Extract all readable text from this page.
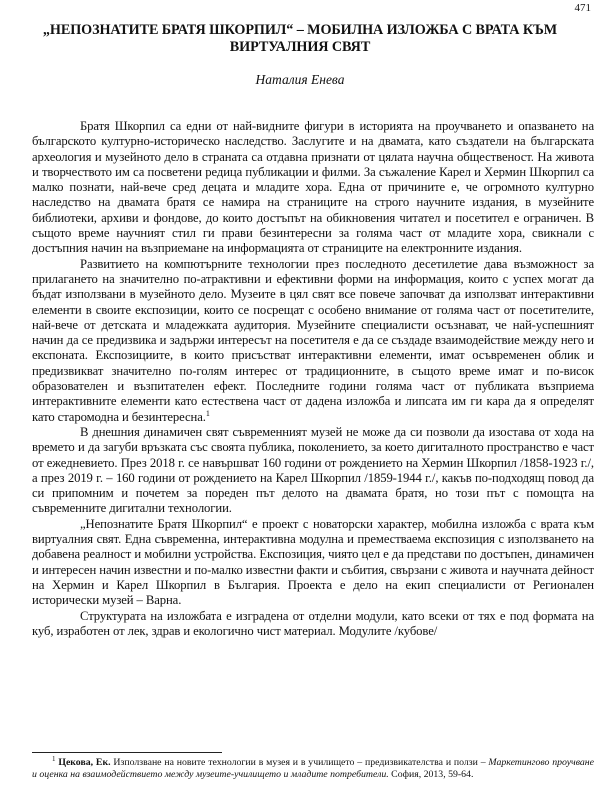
471
„НЕПОЗНАТИТЕ БРАТЯ ШКОРПИЛ“ – МОБИЛНА ИЗЛОЖБА С ВРАТА КЪМ ВИРТУАЛНИЯ СВЯТ
Наталия Енева

Братя Шкорпил са едни от най-видните фигури в историята на проучването и опазването на българското културно-историческо наследство. Заслугите и на двамата, като създатели на българската археология и музейното дело в страната са отдавна признати от цялата научна общественост. На живота и творчеството им са посветени редица публикации и филми. За съжаление Карел и Хермин Шкорпил са малко познати, най-вече сред децата и младите хора. Една от причините е, че огромното културно наследство на двамата братя се намира на страниците на строго научните издания, в музейните библиотеки, архиви и фондове, до които достъпът на обикновения читател и посетител е ограничен. В същото време научният стил ги прави безинтересни за голяма част от младите хора, свикнали с достъпния начин на възприемане на информацията от страниците на електронните издания.

Развитието на компютърните технологии през последното десетилетие дава възможност за прилагането на значително по-атрактивни и ефективни форми на информация, които с успех могат да бъдат използвани в музейното дело. Музеите в цял свят все повече започват да използват интерактивни елементи в своите експозиции, които се посрещат с особено внимание от голяма част от посетителите, най-вече от детската и младежката аудитория. Музейните специалисти осъзнават, че най-успешният начин да се предизвика и задържи интересът на посетителя е да се създаде взаимодействие между него и експоната. Експозициите, в които присъстват интерактивни елементи, имат осъвременен облик и предизвикват значително по-голям интерес от традиционните, в същото време имат и по-висок образователен и възпитателен ефект. Последните години голяма част от публиката възприема интерактивните елементи като естествена част от дадена изложба и липсата им ги кара да я определят като старомодна и безинтересна.$^1$

В днешния динамичен свят съвременният музей не може да си позволи да изостава от хода на времето и да загуби връзката със своята публика, поколението, за което дигиталното пространство е част от ежедневието. През 2018 г. се навършват 160 години от рождението на Хермин Шкорпил /1858-1923 г./, а през 2019 г. – 160 години от рождението на Карел Шкорпил /1859-1944 г./, какъв по-подходящ повод да си припомним и почетем за пореден път делото на двамата братя, но този път с помощта на съвременните дигитални технологии.

„Непознатите Братя Шкорпил“ е проект с новаторски характер, мобилна изложба с врата към виртуалния свят. Една съвременна, интерактивна модулна и преместваема експозиция с използването на добавена реалност и мобилни устройства. Експозиция, чиято цел е да представи по достъпен, динамичен и интересен начин известни и по-малко известни факти и събития, свързани с живота и научната дейност на Хермин и Карел Шкорпил в България. Проекта е дело на екип специалисти от Регионален исторически музей – Варна.

Структурата на изложбата е изградена от отделни модули, като всеки от тях е под формата на куб, изработен от лек, здрав и екологично чист материал. Модулите /кубове/

$^1$ Цекова, Ек. Използване на новите технологии в музея и в училището – предизвикателства и ползи – Маркетингово проучване и оценка на взаимодействието между музеите-училището и младите потребители. София, 2013, 59-64.
